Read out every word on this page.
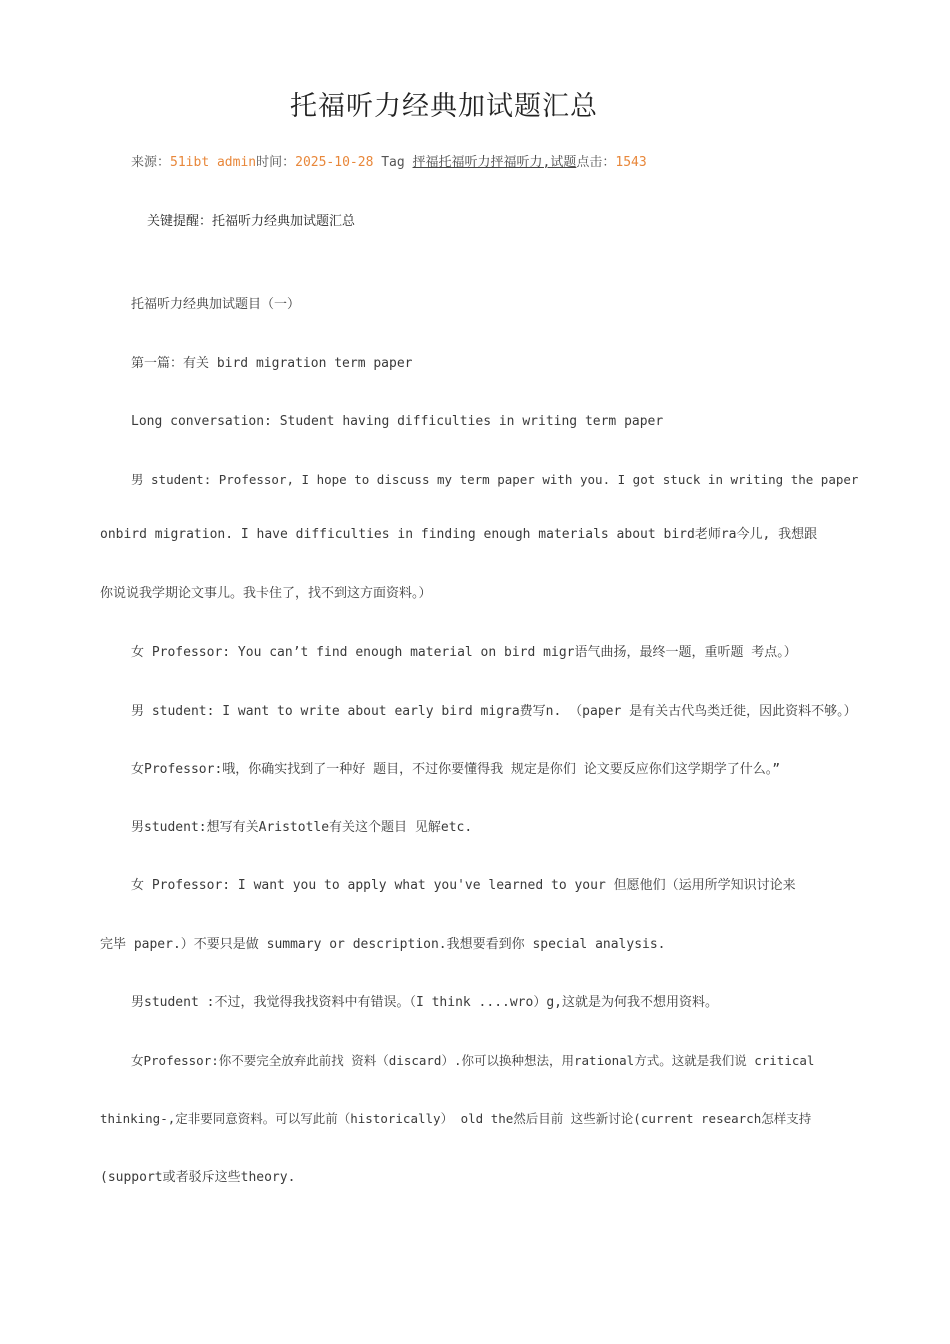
托福听力经典加试题汇总
来源：51ibt admin时间：2025-10-28 Tag 抨福托福听力抨福听力,试题点击：1543
关键提醒：托福听力经典加试题汇总
托福听力经典加试题目（一）
第一篇：有关 bird migration term paper
Long conversation: Student having difficulties in writing term paper
男 student: Professor, I hope to discuss my term paper with you. I got stuck in writing the paper
onbird migration. I have difficulties in finding enough materials about bird老师ra今儿, 我想跟
你说说我学期论文事儿。我卡住了，找不到这方面资料。）
女 Professor: You can’t find enough material on bird migr语气曲扬，最终一题，重听题 考点。）
男 student: I want to write about early bird migra费写n. （paper 是有关古代鸟类迁徙，因此资料不够。）
女Professor:哦，你确实找到了一种好 题目，不过你要懂得我 规定是你们 论文要反应你们这学期学了什么。”
男student:想写有关Aristotle有关这个题目 见解etc.
女 Professor: I want you to apply what you've learned to your 但愿他们（运用所学知识讨论来
完毕 paper.）不要只是做 summary or description.我想要看到你 special analysis.
男student :不过，我觉得我找资料中有错误。（I think ....wro）g,这就是为何我不想用资料。
女Professor:你不要完全放弃此前找 资料（discard）.你可以换种想法，用rational方式。这就是我们说 critical
thinking-,定非要同意资料。可以写此前（historically） old the然后目前 这些新讨论(current research怎样支持
(support或者驳斥这些theory.
